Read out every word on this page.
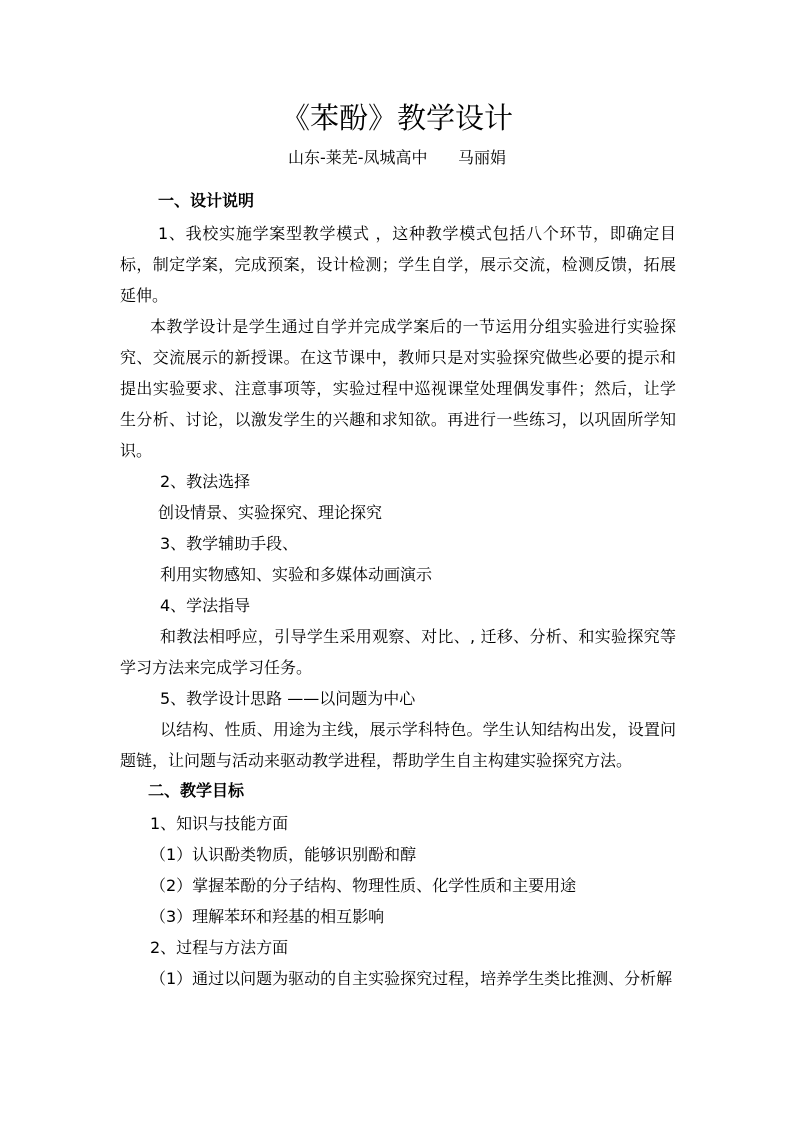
《苯酚》教学设计
山东-莱芜-凤城高中      马丽娟

一、设计说明

1、我校实施学案型教学模式 ，这种教学模式包括八个环节，即确定目标，制定学案，完成预案，设计检测；学生自学，展示交流，检测反馈，拓展延伸。

本教学设计是学生通过自学并完成学案后的一节运用分组实验进行实验探究、交流展示的新授课。在这节课中，教师只是对实验探究做些必要的提示和提出实验要求、注意事项等，实验过程中巡视课堂处理偶发事件；然后，让学生分析、讨论，以激发学生的兴趣和求知欲。再进行一些练习，以巩固所学知识。

2、教法选择

创设情景、实验探究、理论探究

3、教学辅助手段、

利用实物感知、实验和多媒体动画演示

4、学法指导

和教法相呼应，引导学生采用观察、对比、, 迁移、分析、和实验探究等学习方法来完成学习任务。

5、教学设计思路 ——以问题为中心

以结构、性质、用途为主线，展示学科特色。学生认知结构出发，设置问题链，让问题与活动来驱动教学进程，帮助学生自主构建实验探究方法。

二、教学目标

1、知识与技能方面

（1）认识酚类物质，能够识别酚和醇

（2）掌握苯酚的分子结构、物理性质、化学性质和主要用途

（3）理解苯环和羟基的相互影响

2、过程与方法方面

（1）通过以问题为驱动的自主实验探究过程，培养学生类比推测、分析解
